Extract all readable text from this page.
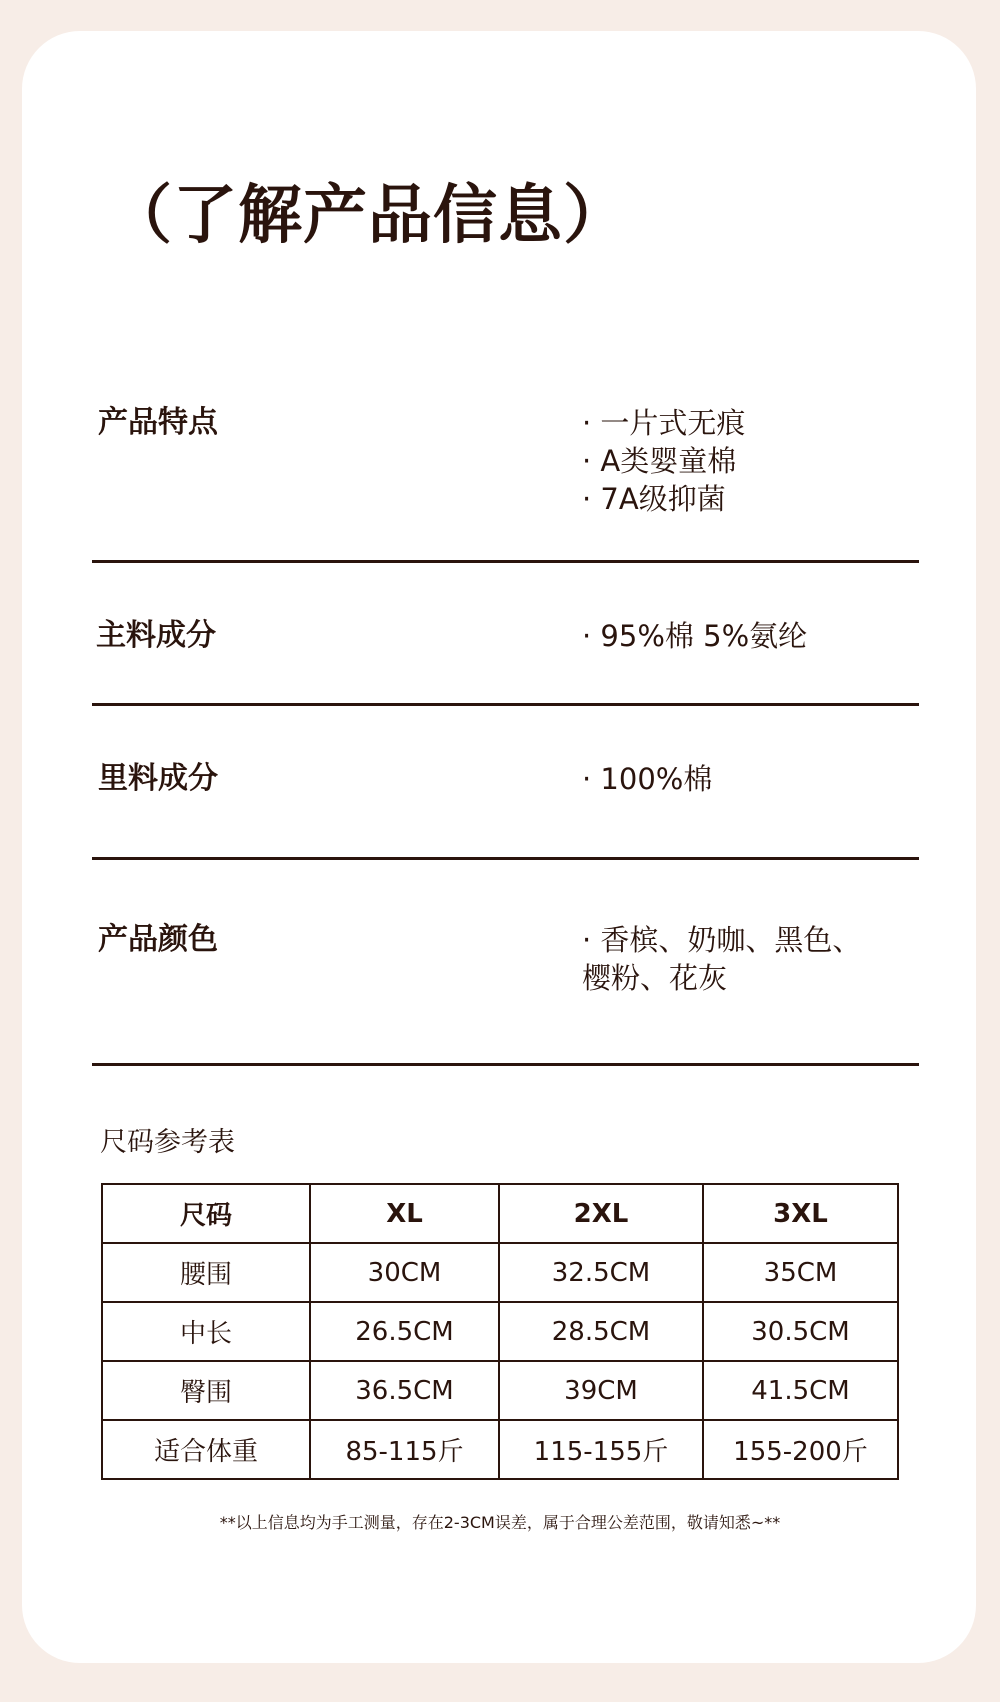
（了解产品信息）
产品特点	· 一片式无痕
· A类婴童棉
· 7A级抑菌
主料成分	· 95%棉 5%氨纶
里料成分	· 100%棉
产品颜色	· 香槟、奶咖、黑色、
樱粉、花灰
尺码参考表
尺码	XL	2XL	3XL
腰围	30CM	32.5CM	35CM
中长	26.5CM	28.5CM	30.5CM
臀围	36.5CM	39CM	41.5CM
适合体重	85-115斤	115-155斤	155-200斤
**以上信息均为手工测量，存在2-3CM误差，属于合理公差范围，敬请知悉~**
